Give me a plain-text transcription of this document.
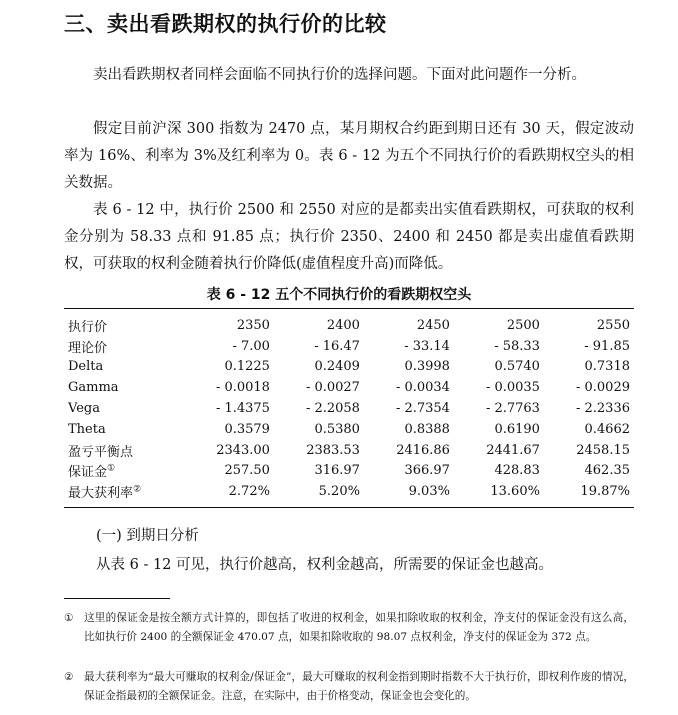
三、卖出看跌期权的执行价的比较

卖出看跌期权者同样会面临不同执行价的选择问题。下面对此问题作一分析。

假定目前沪深 300 指数为 2470 点，某月期权合约距到期日还有 30 天，假定波动率为 16%、利率为 3%及红利率为 0。表 6 - 12 为五个不同执行价的看跌期权空头的相关数据。

表 6 - 12 中，执行价 2500 和 2550 对应的是都卖出实值看跌期权，可获取的权利金分别为 58.33 点和 91.85 点；执行价 2350、2400 和 2450 都是卖出虚值看跌期权，可获取的权利金随着执行价降低(虚值程度升高)而降低。

表 6 - 12 五个不同执行价的看跌期权空头
执行价	2350	2400	2450	2500	2550
理论价	- 7.00	- 16.47	- 33.14	- 58.33	- 91.85
Delta	0.1225	0.2409	0.3998	0.5740	0.7318
Gamma	- 0.0018	- 0.0027	- 0.0034	- 0.0035	- 0.0029
Vega	- 1.4375	- 2.2058	- 2.7354	- 2.7763	- 2.2336
Theta	0.3579	0.5380	0.8388	0.6190	0.4662
盈亏平衡点	2343.00	2383.53	2416.86	2441.67	2458.15
保证金①	257.50	316.97	366.97	428.83	462.35
最大获利率②	2.72%	5.20%	9.03%	13.60%	19.87%
(一) 到期日分析
从表 6 - 12 可见，执行价越高，权利金越高，所需要的保证金也越高。
① 这里的保证金是按全额方式计算的，即包括了收进的权利金，如果扣除收取的权利金，净支付的保证金没有这么高，比如执行价 2400 的全额保证金 470.07 点，如果扣除收取的 98.07 点权利金，净支付的保证金为 372 点。
② 最大获利率为“最大可赚取的权利金/保证金”，最大可赚取的权利金指到期时指数不大于执行价，即权利作废的情况，保证金指最初的全额保证金。注意，在实际中，由于价格变动，保证金也会变化的。
